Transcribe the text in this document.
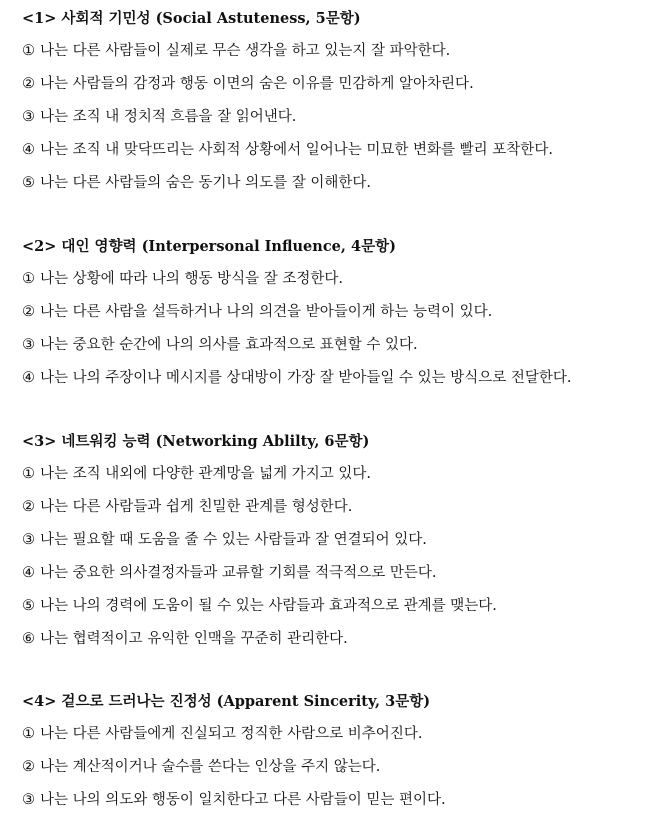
<1> 사회적 기민성 (Social Astuteness, 5문항)
① 나는 다른 사람들이 실제로 무슨 생각을 하고 있는지 잘 파악한다.
② 나는 사람들의 감정과 행동 이면의 숨은 이유를 민감하게 알아차린다.
③ 나는 조직 내 정치적 흐름을 잘 읽어낸다.
④ 나는 조직 내 맞닥뜨리는 사회적 상황에서 일어나는 미묘한 변화를 빨리 포착한다.
⑤ 나는 다른 사람들의 숨은 동기나 의도를 잘 이해한다.
<2> 대인 영향력 (Interpersonal Influence, 4문항)
① 나는 상황에 따라 나의 행동 방식을 잘 조정한다.
② 나는 다른 사람을 설득하거나 나의 의견을 받아들이게 하는 능력이 있다.
③ 나는 중요한 순간에 나의 의사를 효과적으로 표현할 수 있다.
④ 나는 나의 주장이나 메시지를 상대방이 가장 잘 받아들일 수 있는 방식으로 전달한다.
<3> 네트워킹 능력 (Networking Ablilty, 6문항)
① 나는 조직 내외에 다양한 관계망을 넓게 가지고 있다.
② 나는 다른 사람들과 쉽게 친밀한 관계를 형성한다.
③ 나는 필요할 때 도움을 줄 수 있는 사람들과 잘 연결되어 있다.
④ 나는 중요한 의사결정자들과 교류할 기회를 적극적으로 만든다.
⑤ 나는 나의 경력에 도움이 될 수 있는 사람들과 효과적으로 관계를 맺는다.
⑥ 나는 협력적이고 유익한 인맥을 꾸준히 관리한다.
<4> 겉으로 드러나는 진정성 (Apparent Sincerity, 3문항)
① 나는 다른 사람들에게 진실되고 정직한 사람으로 비추어진다.
② 나는 계산적이거나 술수를 쓴다는 인상을 주지 않는다.
③ 나는 나의 의도와 행동이 일치한다고 다른 사람들이 믿는 편이다.
